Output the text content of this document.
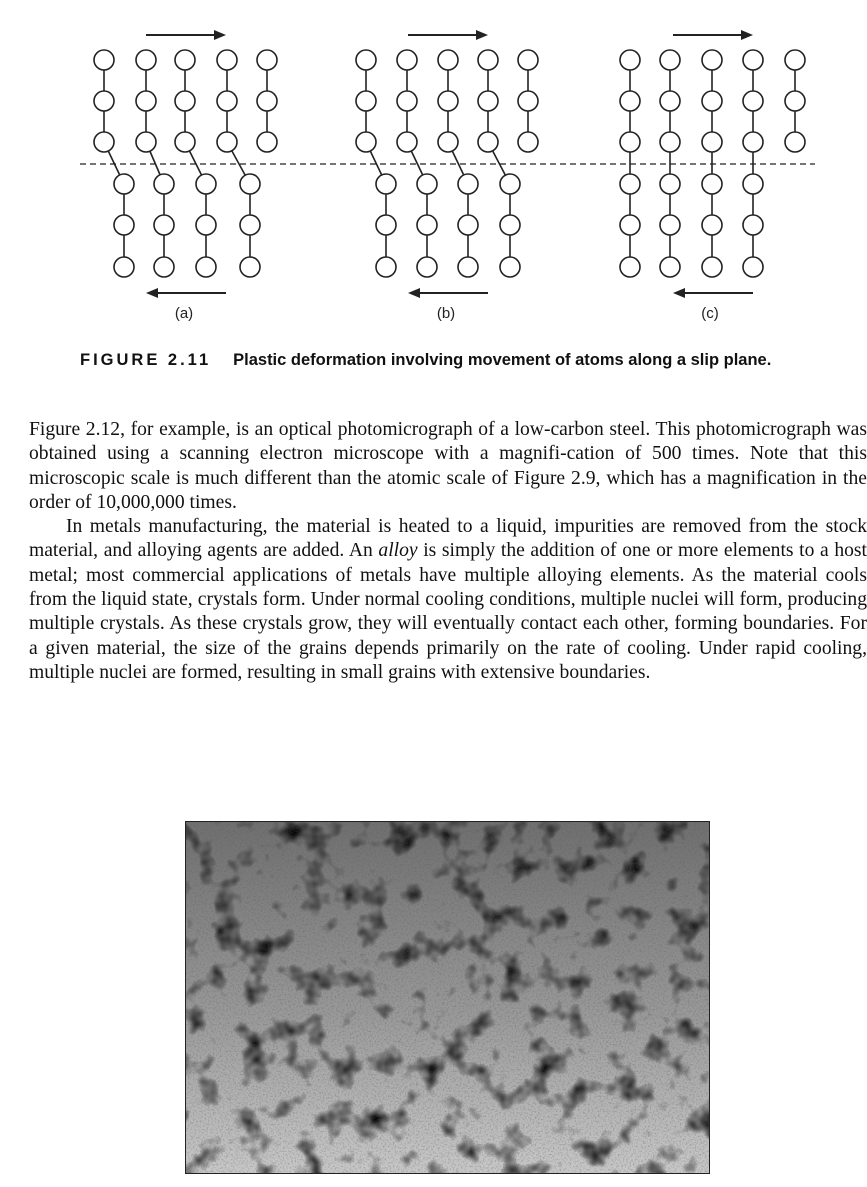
(a)	(b)	(c)
FIGURE 2.11 Plastic deformation involving movement of atoms along a slip plane.

Figure 2.12, for example, is an optical photomicrograph of a low-carbon steel. This photomicrograph was obtained using a scanning electron microscope with a magnifi-cation of 500 times. Note that this microscopic scale is much different than the atomic scale of Figure 2.9, which has a magnification in the order of 10,000,000 times.

In metals manufacturing, the material is heated to a liquid, impurities are removed from the stock material, and alloying agents are added. An alloy is simply the addition of one or more elements to a host metal; most commercial applications of metals have multiple alloying elements. As the material cools from the liquid state, crystals form. Under normal cooling conditions, multiple nuclei will form, producing multiple crystals. As these crystals grow, they will eventually contact each other, forming boundaries. For a given material, the size of the grains depends primarily on the rate of cooling. Under rapid cooling, multiple nuclei are formed, resulting in small grains with extensive boundaries.
